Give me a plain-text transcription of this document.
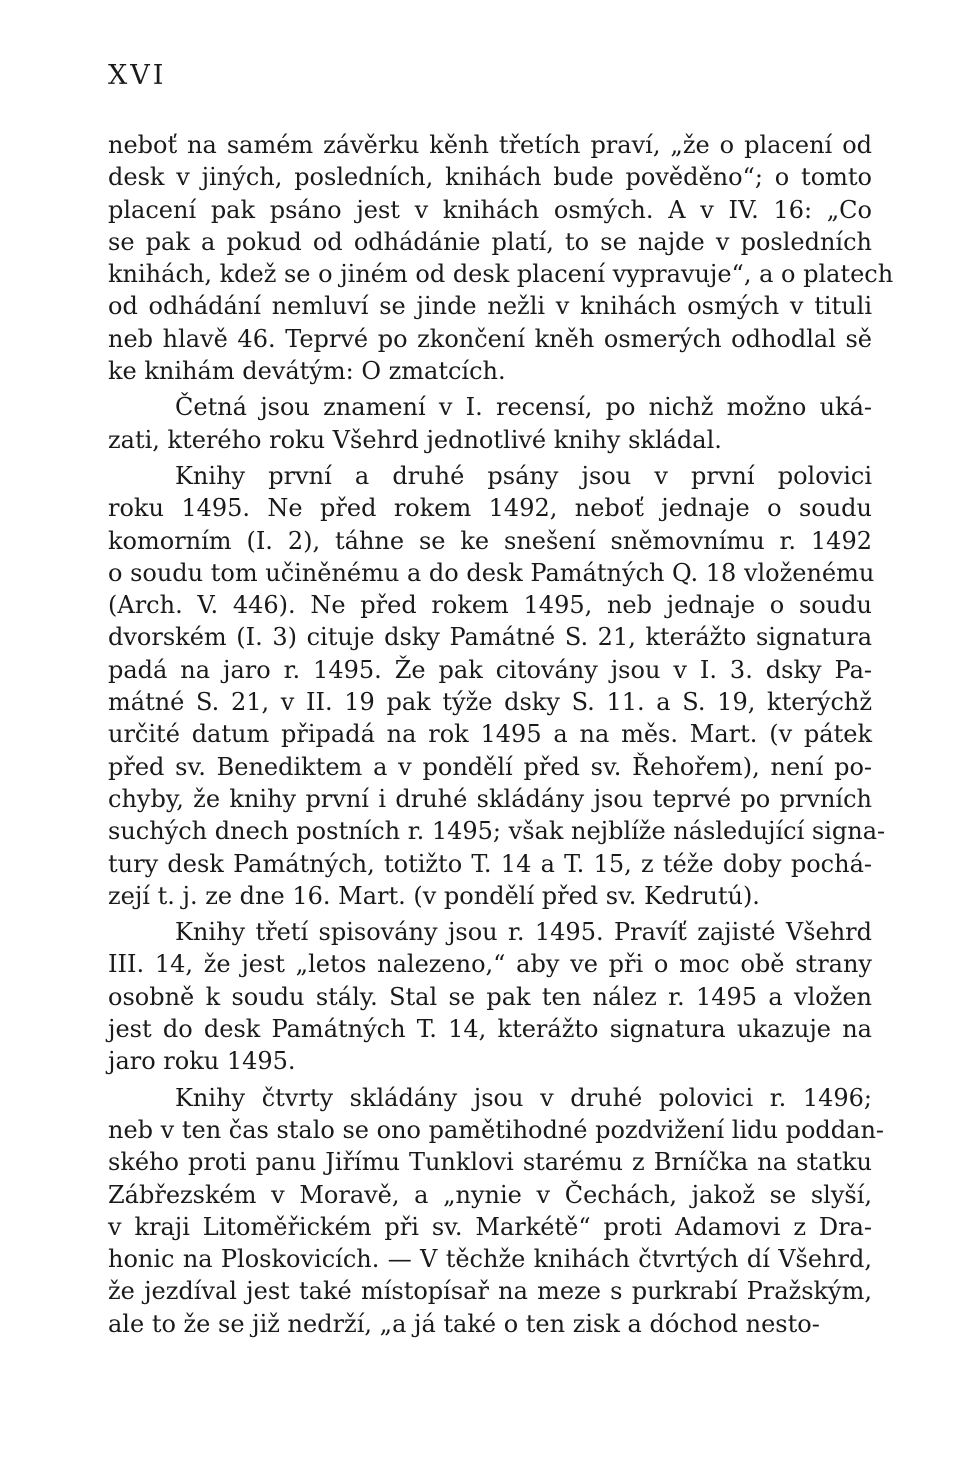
XVI
neboť na samém závěrku kěnh třetích praví, „že o placení od
desk v jiných, posledních, knihách bude pověděno“; o tomto
placení pak psáno jest v knihách osmých. A v IV. 16: „Co
se pak a pokud od odhádánie platí, to se najde v posledních
knihách, kdež se o jiném od desk placení vypravuje“, a o platech
od odhádání nemluví se jinde nežli v knihách osmých v tituli
neb hlavě 46. Teprvé po zkončení kněh osmerých odhodlal sě
ke knihám devátým: O zmatcích.
Četná jsou znamení v I. recensí, po nichž možno uká-
zati, kterého roku Všehrd jednotlivé knihy skládal.
Knihy první a druhé psány jsou v první polovici
roku 1495. Ne před rokem 1492, neboť jednaje o soudu
komorním (I. 2), táhne se ke snešení sněmovnímu r. 1492
o soudu tom učiněnému a do desk Památných Q. 18 vloženému
(Arch. V. 446). Ne před rokem 1495, neb jednaje o soudu
dvorském (I. 3) cituje dsky Památné S. 21, kterážto signatura
padá na jaro r. 1495. Že pak citovány jsou v I. 3. dsky Pa-
mátné S. 21, v II. 19 pak týže dsky S. 11. a S. 19, kterýchž
určité datum připadá na rok 1495 a na měs. Mart. (v pátek
před sv. Benediktem a v pondělí před sv. Řehořem), není po-
chyby, že knihy první i druhé skládány jsou teprvé po prvních
suchých dnech postních r. 1495; však nejblíže následující signa-
tury desk Památných, totižto T. 14 a T. 15, z téže doby pochá-
zejí t. j. ze dne 16. Mart. (v pondělí před sv. Kedrutú).
Knihy třetí spisovány jsou r. 1495. Pravíť zajisté Všehrd
III. 14, že jest „letos nalezeno,“ aby ve při o moc obě strany
osobně k soudu stály. Stal se pak ten nález r. 1495 a vložen
jest do desk Památných T. 14, kterážto signatura ukazuje na
jaro roku 1495.
Knihy čtvrty skládány jsou v druhé polovici r. 1496;
neb v ten čas stalo se ono pamětihodné pozdvižení lidu poddan-
ského proti panu Jiřímu Tunklovi starému z Brníčka na statku
Zábřezském v Moravě, a „nynie v Čechách, jakož se slyší,
v kraji Litoměřickém při sv. Markétě“ proti Adamovi z Dra-
honic na Ploskovicích. — V těchže knihách čtvrtých dí Všehrd,
že jezdíval jest také místopísař na meze s purkrabí Pražským,
ale to že se již nedrží, „a já také o ten zisk a dóchod nesto-
